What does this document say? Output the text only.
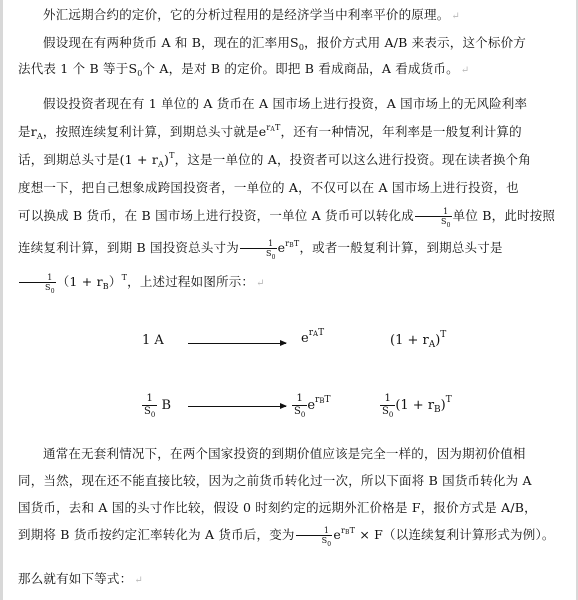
外汇远期合约的定价，它的分析过程用的是经济学当中利率平价的原理。 ↵
假设现在有两种货币 A 和 B，现在的汇率用$S_0$，报价方式用 A/B 来表示，这个标价方
法代表 1 个 B 等于$S_0$个 A，是对 B 的定价。即把 B 看成商品，A 看成货币。 ↵
假设投资者现在有 1 单位的 A 货币在 A 国市场上进行投资，A 国市场上的无风险利率
是$r_A$，按照连续复利计算，到期总头寸就是$e^{r_AT}$，还有一种情况，年利率是一般复利计算的
话，到期总头寸是$(1 + r_A)^T$，这是一单位的 A，投资者可以这么进行投资。现在读者换个角
度想一下，把自己想象成跨国投资者，一单位的 A，不仅可以在 A 国市场上进行投资，也
可以换成 B 货币，在 B 国市场上进行投资，一单位 A 货币可以转化成 $\frac{1}{S_0}$ 单位 B，此时按照
连续复利计算，到期 B 国投资总头寸为 $\frac{1}{S_0} e^{r_BT}$，或者一般复利计算，到期总头寸是

$\frac{1}{S_0} (1 + r_B)^T$，上述过程如图所示： ↵
1 A	$e^{r_AT}$	$(1 + r_A)^T$
$\frac{1}{S_0}$ B	$\frac{1}{S_0} e^{r_BT}$	$\frac{1}{S_0} (1 + r_B)^T$
通常在无套利情况下，在两个国家投资的到期价值应该是完全一样的，因为期初价值相
同，当然，现在还不能直接比较，因为之前货币转化过一次，所以下面将 B 国货币转化为 A
国货币，去和 A 国的头寸作比较，假设 0 时刻约定的远期外汇价格是 F，报价方式是 A/B，
到期将 B 货币按约定汇率转化为 A 货币后，变为 $\frac{1}{S_0} e^{r_BT} \times F$（以连续复利计算形式为例）。
那么就有如下等式： ↵
